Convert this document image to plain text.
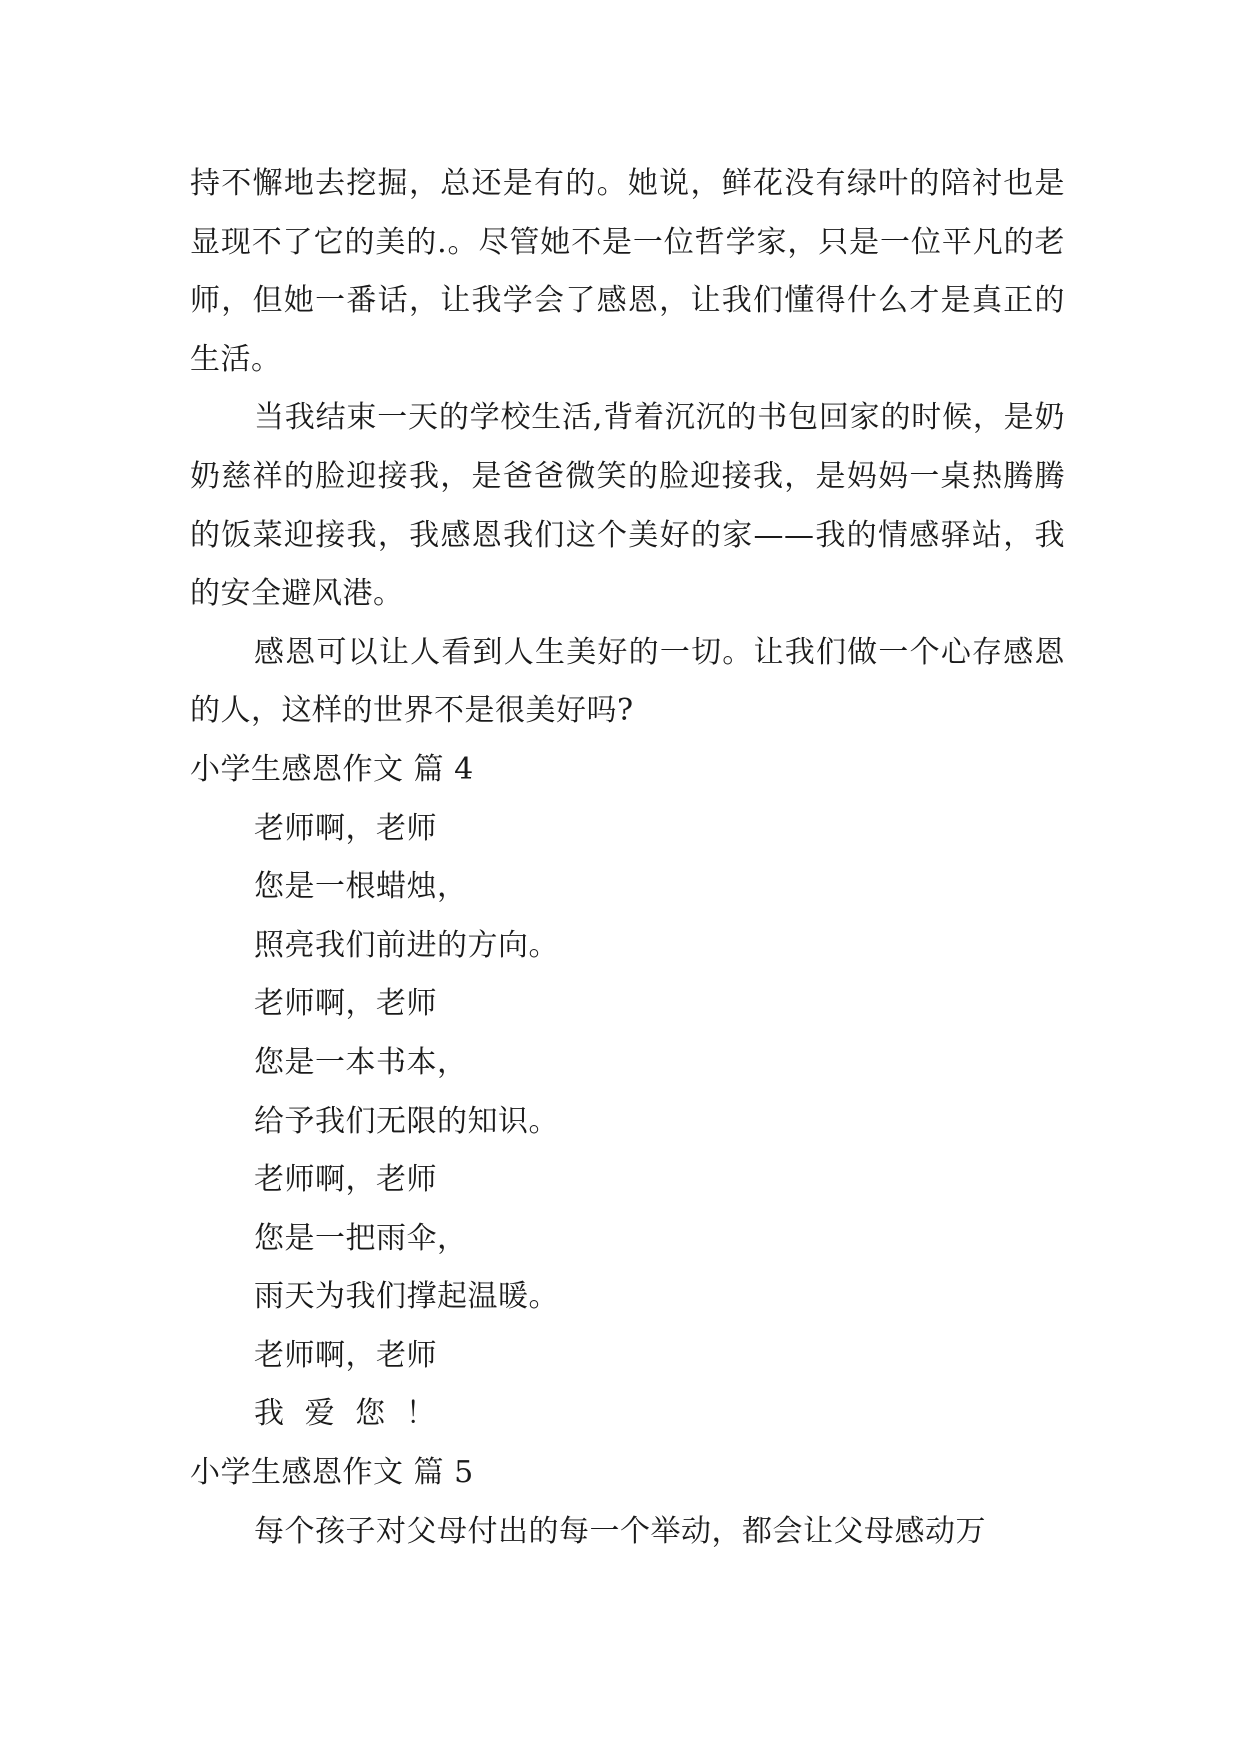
持不懈地去挖掘，总还是有的。她说，鲜花没有绿叶的陪衬也是显现不了它的美的.。尽管她不是一位哲学家，只是一位平凡的老师，但她一番话，让我学会了感恩，让我们懂得什么才是真正的生活。

当我结束一天的学校生活,背着沉沉的书包回家的时候，是奶奶慈祥的脸迎接我，是爸爸微笑的脸迎接我，是妈妈一桌热腾腾的饭菜迎接我，我感恩我们这个美好的家——我的情感驿站，我的安全避风港。

感恩可以让人看到人生美好的一切。让我们做一个心存感恩的人，这样的世界不是很美好吗?

小学生感恩作文 篇 4

老师啊，老师

您是一根蜡烛，

照亮我们前进的方向。

老师啊，老师

您是一本书本，

给予我们无限的知识。

老师啊，老师

您是一把雨伞，

雨天为我们撑起温暖。

老师啊，老师

我  爱  您  ！

小学生感恩作文 篇 5

每个孩子对父母付出的每一个举动，都会让父母感动万
